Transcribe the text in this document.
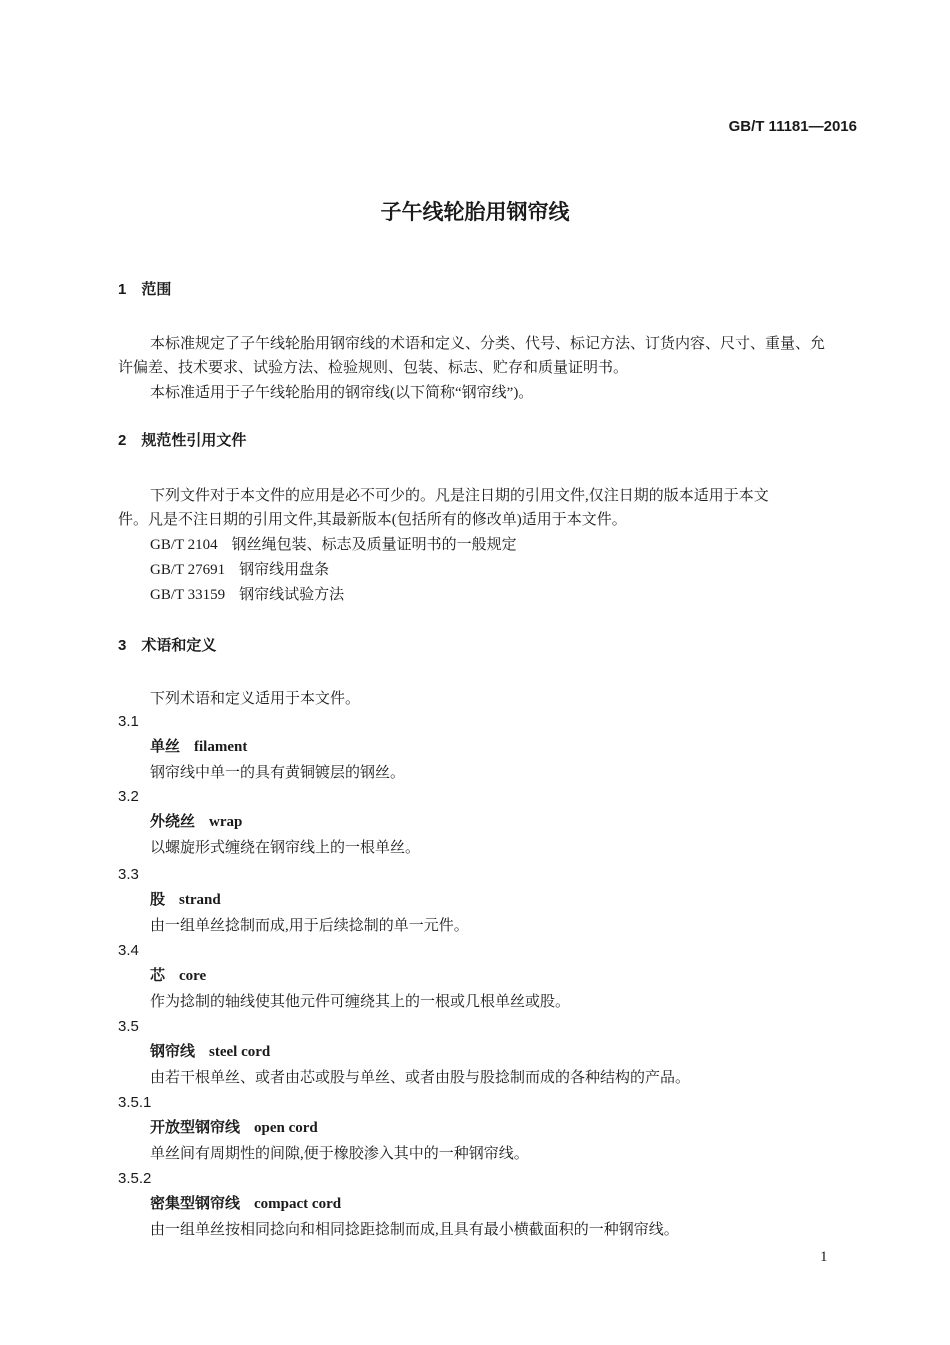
GB/T 11181—2016
子午线轮胎用钢帘线
1　范围
本标准规定了子午线轮胎用钢帘线的术语和定义、分类、代号、标记方法、订货内容、尺寸、重量、允
许偏差、技术要求、试验方法、检验规则、包装、标志、贮存和质量证明书。
本标准适用于子午线轮胎用的钢帘线(以下简称“钢帘线”)。
2　规范性引用文件
下列文件对于本文件的应用是必不可少的。凡是注日期的引用文件,仅注日期的版本适用于本文
件。凡是不注日期的引用文件,其最新版本(包括所有的修改单)适用于本文件。
GB/T 2104 钢丝绳包装、标志及质量证明书的一般规定
GB/T 27691 钢帘线用盘条
GB/T 33159 钢帘线试验方法
3　术语和定义
下列术语和定义适用于本文件。
3.1
单丝 filament
钢帘线中单一的具有黄铜镀层的钢丝。
3.2
外绕丝 wrap
以螺旋形式缠绕在钢帘线上的一根单丝。
3.3
股 strand
由一组单丝捻制而成,用于后续捻制的单一元件。
3.4
芯 core
作为捻制的轴线使其他元件可缠绕其上的一根或几根单丝或股。
3.5
钢帘线 steel cord
由若干根单丝、或者由芯或股与单丝、或者由股与股捻制而成的各种结构的产品。
3.5.1
开放型钢帘线 open cord
单丝间有周期性的间隙,便于橡胶渗入其中的一种钢帘线。
3.5.2
密集型钢帘线 compact cord
由一组单丝按相同捻向和相同捻距捻制而成,且具有最小横截面积的一种钢帘线。
1
